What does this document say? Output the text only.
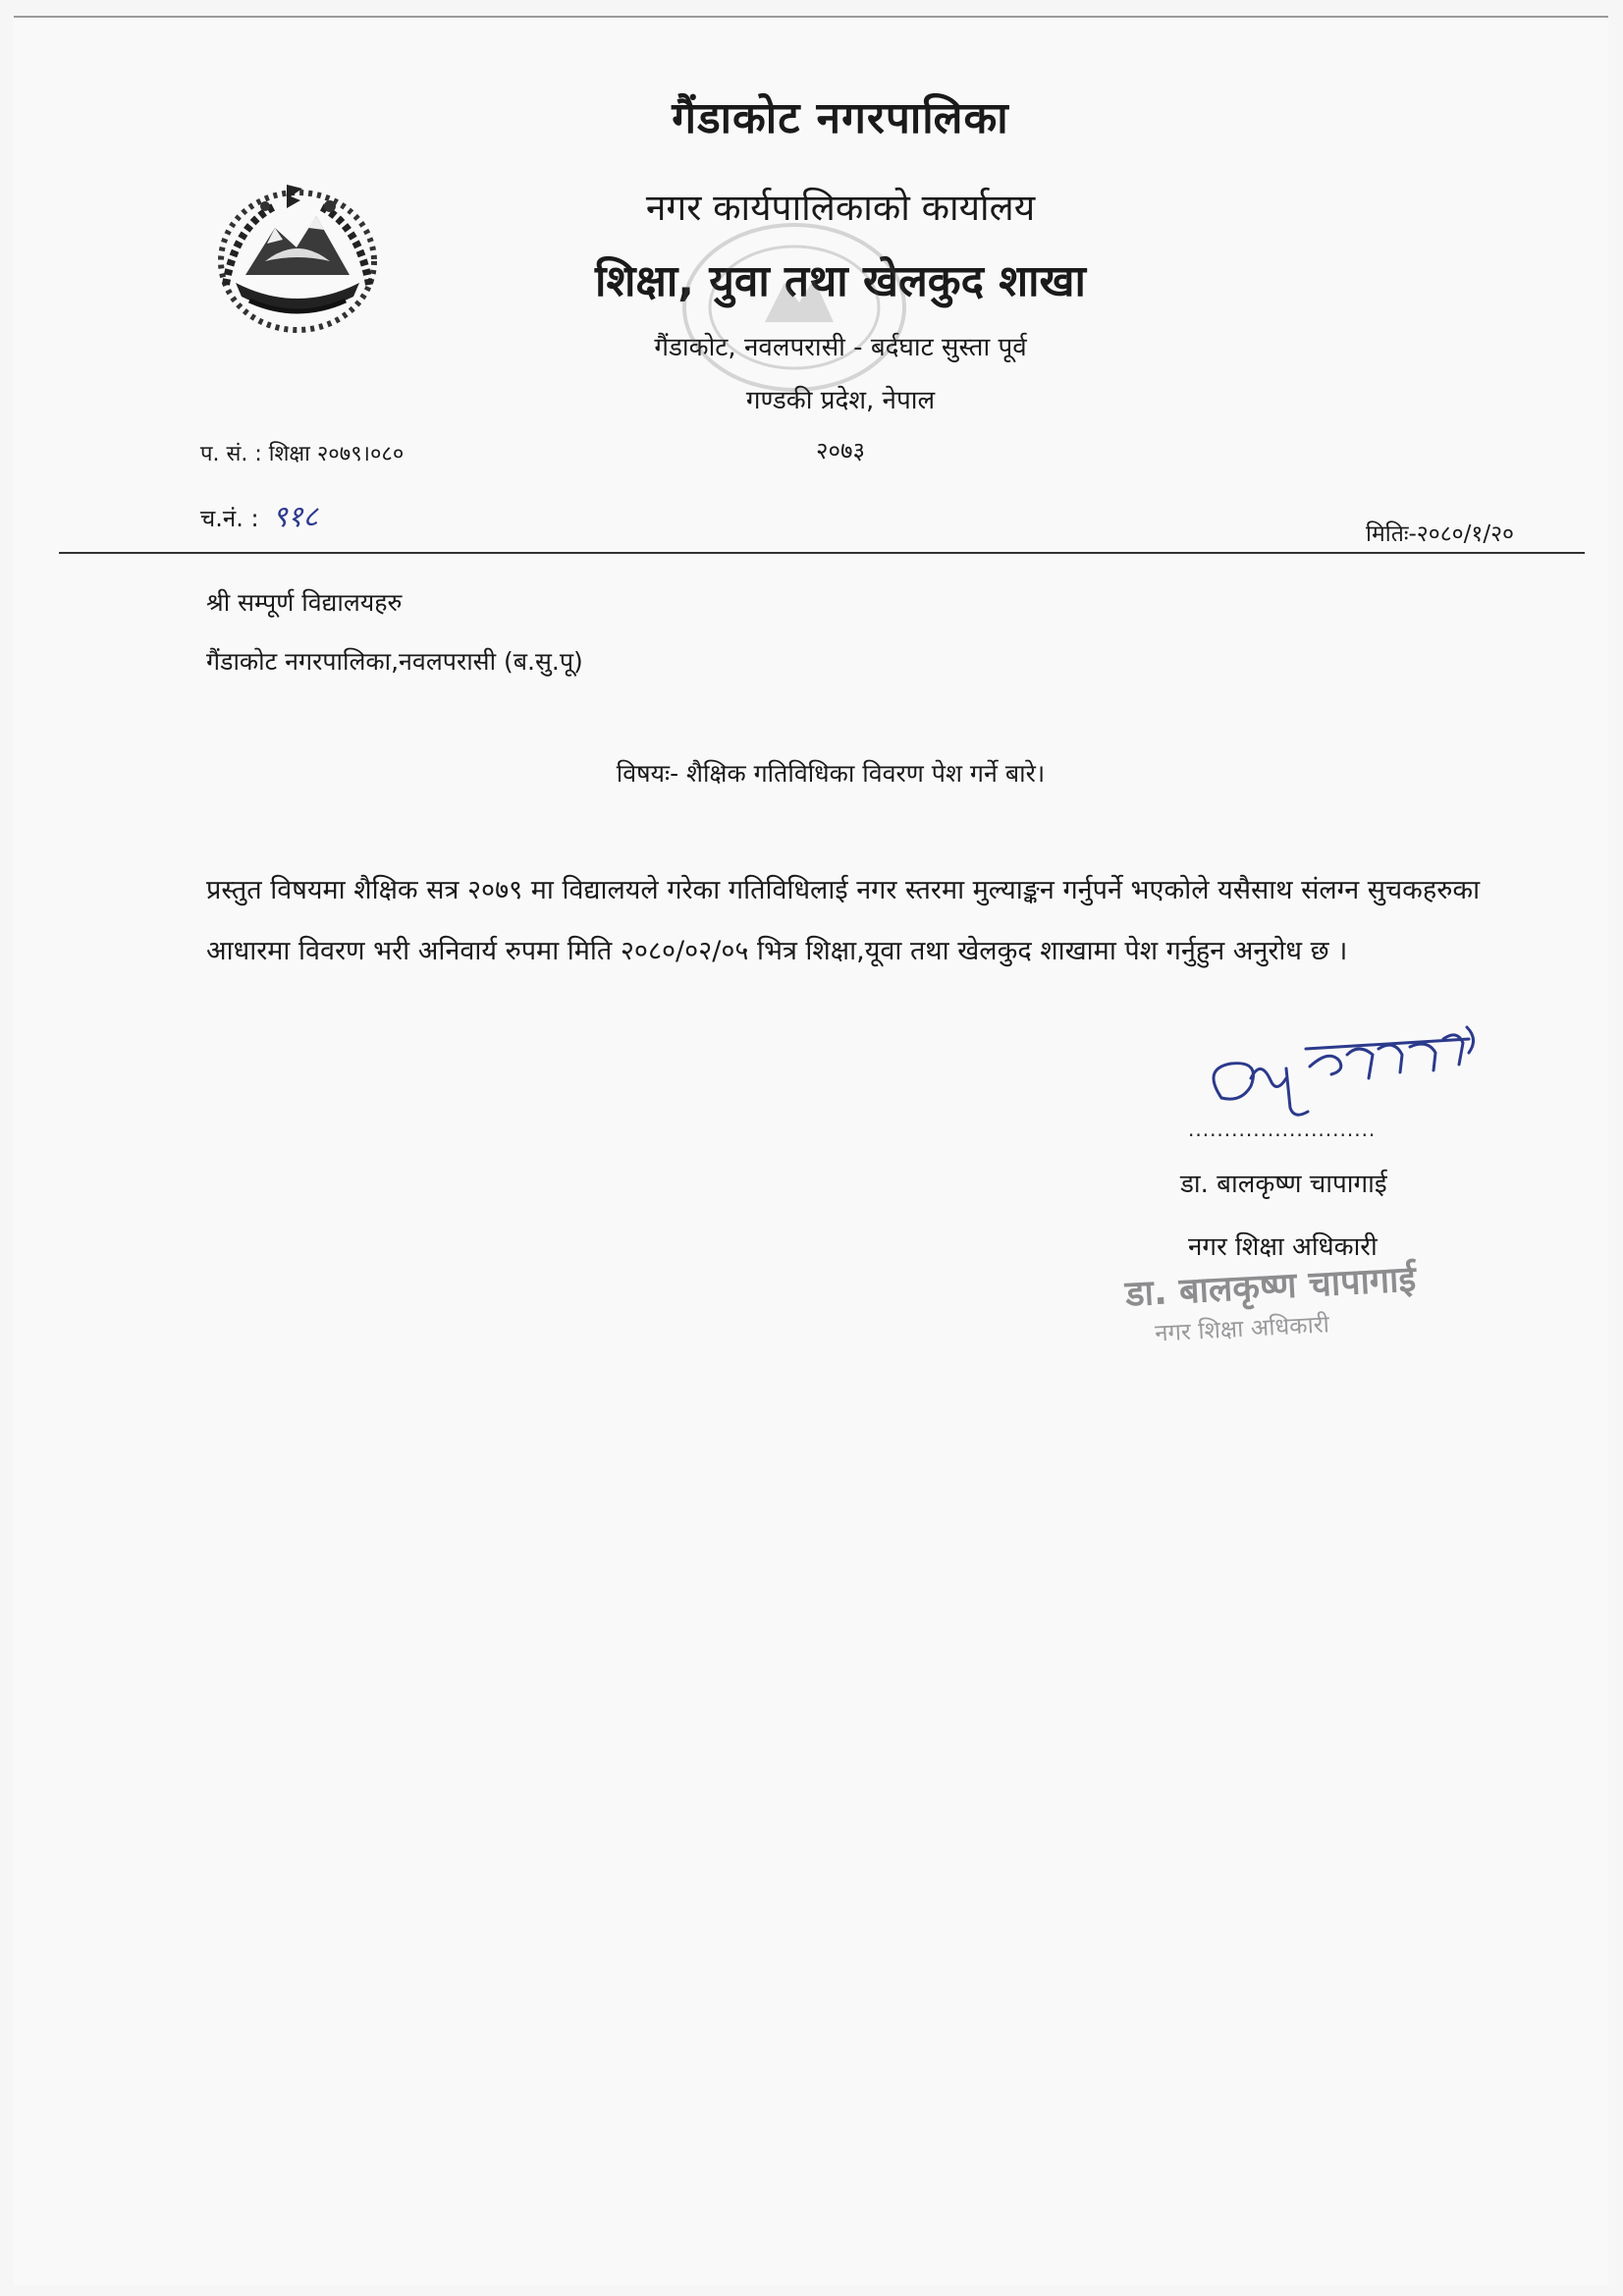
गैंडाकोट नगरपालिका
नगर कार्यपालिकाको कार्यालय
शिक्षा, युवा तथा खेलकुद शाखा
गैंडाकोट, नवलपरासी - बर्दघाट सुस्ता पूर्व
गण्डकी प्रदेश, नेपाल
२०७३
प. सं. : शिक्षा २०७९।०८०
च.नं. : ९१८	मितिः-२०८०/१/२०
श्री सम्पूर्ण विद्यालयहरु
गैंडाकोट नगरपालिका,नवलपरासी (ब.सु.पू)
विषयः- शैक्षिक गतिविधिका विवरण पेश गर्ने बारे।
प्रस्तुत विषयमा शैक्षिक सत्र २०७९ मा विद्यालयले गरेका गतिविधिलाई नगर स्तरमा मुल्याङ्कन गर्नुपर्ने भएकोले यसैसाथ संलग्न सुचकहरुका आधारमा विवरण भरी अनिवार्य रुपमा मिति २०८०/०२/०५ भित्र शिक्षा,यूवा तथा खेलकुद शाखामा पेश गर्नुहुन अनुरोध छ ।
..........................
डा. बालकृष्ण चापागाई
नगर शिक्षा अधिकारी
डा. बालकृष्ण चापागाई
नगर शिक्षा अधिकारी
